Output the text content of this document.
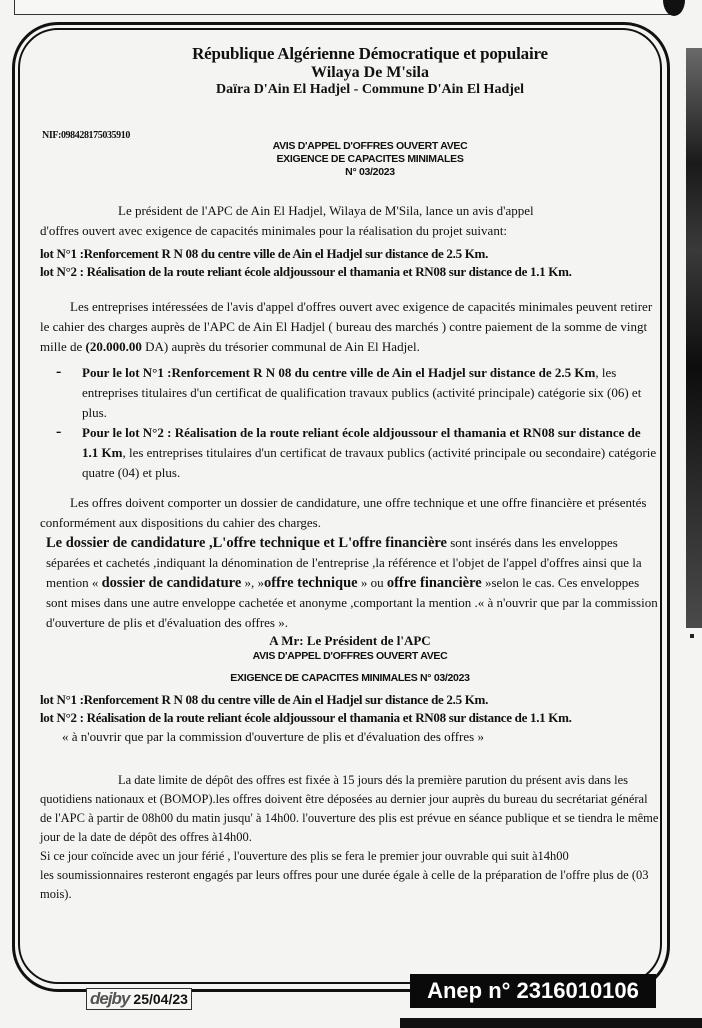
NIF:098428175035910
République Algérienne Démocratique et populaire
Wilaya De M'sila
Daïra D'Ain El Hadjel - Commune D'Ain El Hadjel
AVIS D'APPEL D'OFFRES OUVERT AVEC
EXIGENCE DE CAPACITES MINIMALES
N° 03/2023

Le président de l'APC de Ain El Hadjel, Wilaya de M'Sila, lance un avis d'appel

d'offres ouvert avec exigence de capacités minimales pour la réalisation du projet suivant:

lot N°1 :Renforcement R N 08 du centre ville de Ain el Hadjel sur distance de 2.5 Km.
lot N°2 : Réalisation de la route reliant école aldjoussour el thamania et RN08 sur distance de 1.1 Km.

Les entreprises intéressées de l'avis d'appel d'offres ouvert avec exigence de capacités minimales peuvent retirer le cahier des charges auprès de l'APC de Ain El Hadjel ( bureau des marchés ) contre paiement de la somme de vingt mille de (20.000.00 DA) auprès du trésorier communal de Ain El Hadjel.

-	Pour le lot N°1 :Renforcement R N 08 du centre ville de Ain el Hadjel sur distance de 2.5 Km, les entreprises titulaires d'un certificat de qualification travaux publics (activité principale) catégorie six (06) et plus.

-	Pour le lot N°2 : Réalisation de la route reliant école aldjoussour el thamania et RN08 sur distance de 1.1 Km, les entreprises titulaires d'un certificat de travaux publics (activité principale ou secondaire) catégorie quatre (04) et plus.

Les offres doivent comporter un dossier de candidature, une offre technique et une offre financière et présentés conformément aux dispositions du cahier des charges.

Le dossier de candidature ,L'offre technique et L'offre financière sont insérés dans les enveloppes séparées et cachetés ,indiquant la dénomination de l'entreprise ,la référence et l'objet de l'appel d'offres ainsi que la mention « dossier de candidature », »offre technique » ou offre financière »selon le cas. Ces enveloppes sont mises dans une autre enveloppe cachetée et anonyme ,comportant la mention .« à n'ouvrir que par la commission d'ouverture de plis et d'évaluation des offres ».

A Mr: Le Président de l'APC
AVIS D'APPEL D'OFFRES OUVERT AVEC
EXIGENCE DE CAPACITES MINIMALES N° 03/2023
lot N°1 :Renforcement R N 08 du centre ville de Ain el Hadjel sur distance de 2.5 Km.
lot N°2 : Réalisation de la route reliant école aldjoussour el thamania et RN08 sur distance de 1.1 Km.

« à n'ouvrir que par la commission d'ouverture de plis et d'évaluation des offres »

La date limite de dépôt des offres est fixée à 15 jours dés la première parution du présent avis dans les quotidiens nationaux et (BOMOP).les offres doivent être déposées au dernier jour auprès du bureau du secrétariat général de l'APC à partir de 08h00 du matin jusqu' à 14h00. l'ouverture des plis est prévue en séance publique et se tiendra le même jour de la date de dépôt des offres à14h00.

Si ce jour coïncide avec un jour férié , l'ouverture des plis se fera le premier jour ouvrable qui suit à14h00

les soumissionnaires resteront engagés par leurs offres pour une durée égale à celle de la préparation de l'offre plus de (03 mois).

dejby 25/04/23	Anep n° 2316010106
